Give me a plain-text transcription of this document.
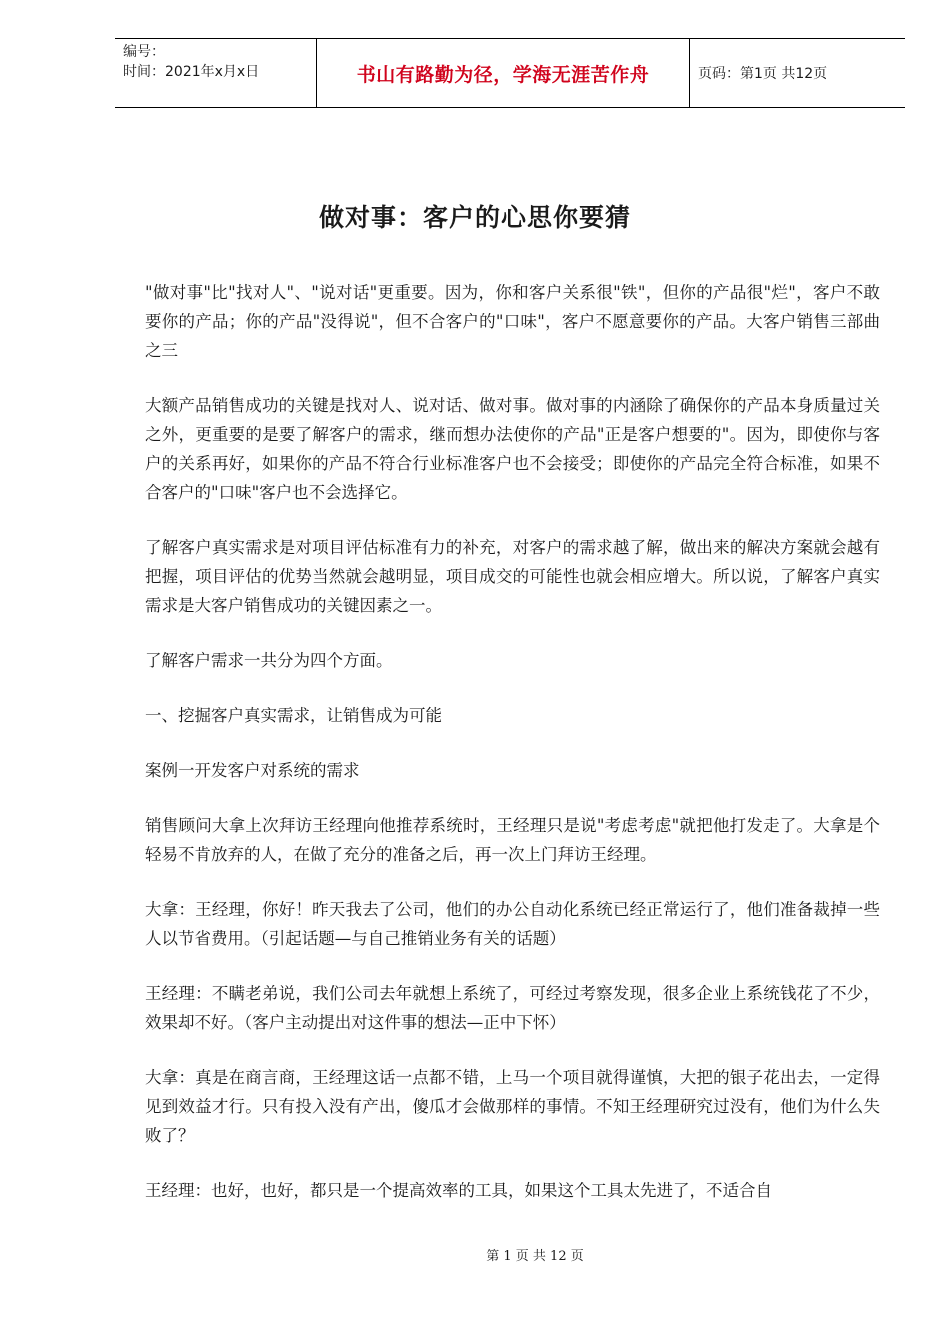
编号：
时间：2021年x月x日	书山有路勤为径，学海无涯苦作舟	页码：第1页 共12页
做对事：客户的心思你要猜

"做对事"比"找对人"、"说对话"更重要。因为，你和客户关系很"铁"，但你的产品很"烂"，客户不敢要你的产品；你的产品"没得说"，但不合客户的"口味"，客户不愿意要你的产品。大客户销售三部曲之三

大额产品销售成功的关键是找对人、说对话、做对事。做对事的内涵除了确保你的产品本身质量过关之外，更重要的是要了解客户的需求，继而想办法使你的产品"正是客户想要的"。因为，即使你与客户的关系再好，如果你的产品不符合行业标准客户也不会接受；即使你的产品完全符合标准，如果不合客户的"口味"客户也不会选择它。

了解客户真实需求是对项目评估标准有力的补充，对客户的需求越了解，做出来的解决方案就会越有把握，项目评估的优势当然就会越明显，项目成交的可能性也就会相应增大。所以说，了解客户真实需求是大客户销售成功的关键因素之一。

了解客户需求一共分为四个方面。

一、挖掘客户真实需求，让销售成为可能

案例一开发客户对系统的需求

销售顾问大拿上次拜访王经理向他推荐系统时，王经理只是说"考虑考虑"就把他打发走了。大拿是个轻易不肯放弃的人，在做了充分的准备之后，再一次上门拜访王经理。

大拿：王经理，你好！昨天我去了公司，他们的办公自动化系统已经正常运行了，他们准备裁掉一些人以节省费用。（引起话题—与自己推销业务有关的话题）

王经理：不瞒老弟说，我们公司去年就想上系统了，可经过考察发现，很多企业上系统钱花了不少，效果却不好。（客户主动提出对这件事的想法—正中下怀）

大拿：真是在商言商，王经理这话一点都不错，上马一个项目就得谨慎，大把的银子花出去，一定得见到效益才行。只有投入没有产出，傻瓜才会做那样的事情。不知王经理研究过没有，他们为什么失败了？

王经理：也好，也好，都只是一个提高效率的工具，如果这个工具太先进了，不适合自

第 1 页 共 12 页
